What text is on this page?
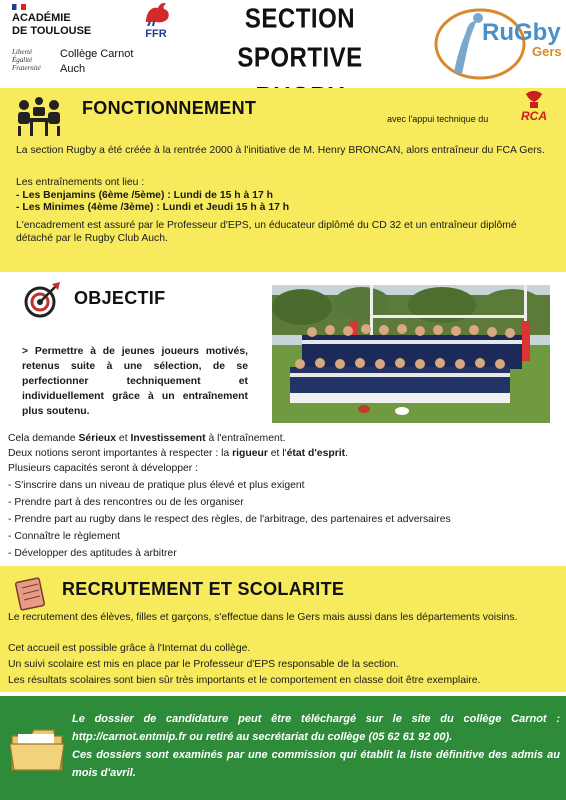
ACADÉMIE
DE TOULOUSE
Liberté
Égalité
Fraternité
Collège Carnot
Auch
FFR	SECTION SPORTIVE
RuGby
Gers
FONCTIONNEMENT
avec l'appui technique du	RCA
La section Rugby a été créée à la rentrée 2000 à l'initiative de M. Henry BRONCAN, alors entraîneur du FCA Gers.
Les entraînements ont lieu :
- Les Benjamins (6ème /5ème) : Lundi de 15 h à 17 h
- Les Minimes (4ème /3ème) : Lundi et Jeudi 15 h à 17 h
L'encadrement est assuré par le Professeur d'EPS, un éducateur diplômé du CD 32 et un entraîneur diplômé détaché par le Rugby Club Auch.
OBJECTIF
> Permettre à de jeunes joueurs motivés, retenus suite à une sélection, de se perfectionner techniquement et individuellement grâce à un entraînement plus soutenu.
Cela demande Sérieux et Investissement à l'entraînement.
Deux notions seront importantes à respecter : la rigueur et l'état d'esprit.
Plusieurs capacités seront à développer :
- S'inscrire dans un niveau de pratique plus élevé et plus exigent
- Prendre part à des rencontres ou de les organiser
- Prendre part au rugby dans le respect des règles, de l'arbitrage, des partenaires et adversaires
- Connaître le règlement
- Développer des aptitudes à arbitrer
RECRUTEMENT ET SCOLARITE
Le recrutement des élèves, filles et garçons, s'effectue dans le Gers mais aussi dans les départements voisins.
Cet accueil est possible grâce à l'Internat du collège.
Un suivi scolaire est mis en place par le Professeur d'EPS responsable de la section.
Les résultats scolaires sont bien sûr très importants et le comportement en classe doit être exemplaire.
Le dossier de candidature peut être téléchargé sur le site du collège Carnot : http://carnot.entmip.fr ou retiré au secrétariat du collège (05 62 61 92 00).
Ces dossiers sont examinés par une commission qui établit la liste définitive des admis au mois d'avril.
